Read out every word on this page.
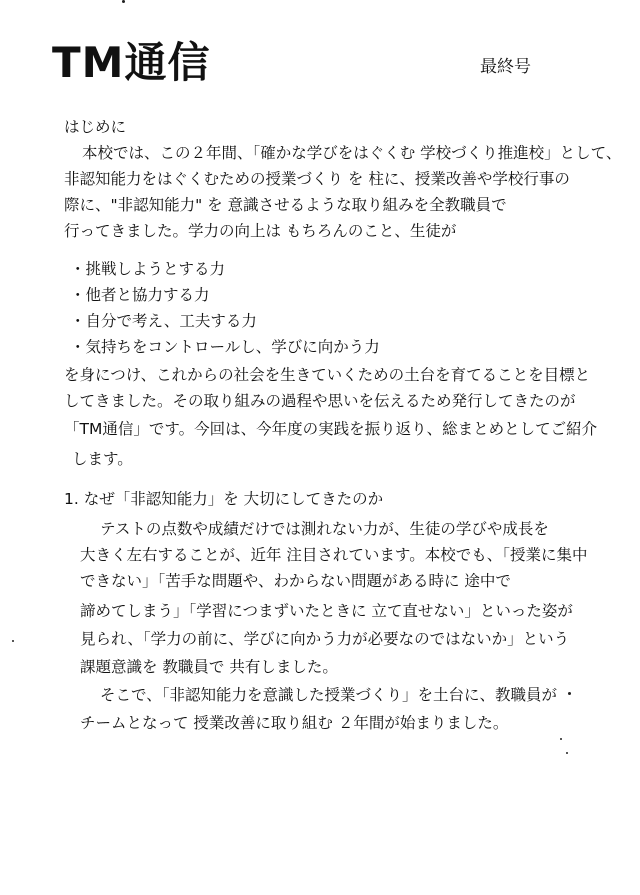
TM通信	最終号
はじめに
本校では、この２年間、「確かな学びをはぐくむ 学校づくり推進校」として、
非認知能力をはぐくむための授業づくり を 柱に、授業改善や学校行事の
際に、"非認知能力" を 意識させるような取り組みを全教職員で
行ってきました。学力の向上は もちろんのこと、生徒が
・挑戦しようとする力
・他者と協力する力
・自分で考え、工夫する力
・気持ちをコントロールし、学びに向かう力
を身につけ、これからの社会を生きていくための土台を育てることを目標と
してきました。その取り組みの過程や思いを伝えるため発行してきたのが
「TM通信」です。今回は、今年度の実践を振り返り、総まとめとしてご紹介
します。
1. なぜ「非認知能力」を 大切にしてきたのか
テストの点数や成績だけでは測れない力が、生徒の学びや成長を
大きく左右することが、近年 注目されています。本校でも、「授業に集中
できない」「苦手な問題や、わからない問題がある時に 途中で
諦めてしまう」「学習につまずいたときに 立て直せない」といった姿が
見られ、「学力の前に、学びに向かう力が必要なのではないか」という
課題意識を 教職員で 共有しました。
そこで、「非認知能力を意識した授業づくり」を土台に、教職員が
チームとなって 授業改善に取り組む ２年間が始まりました。
